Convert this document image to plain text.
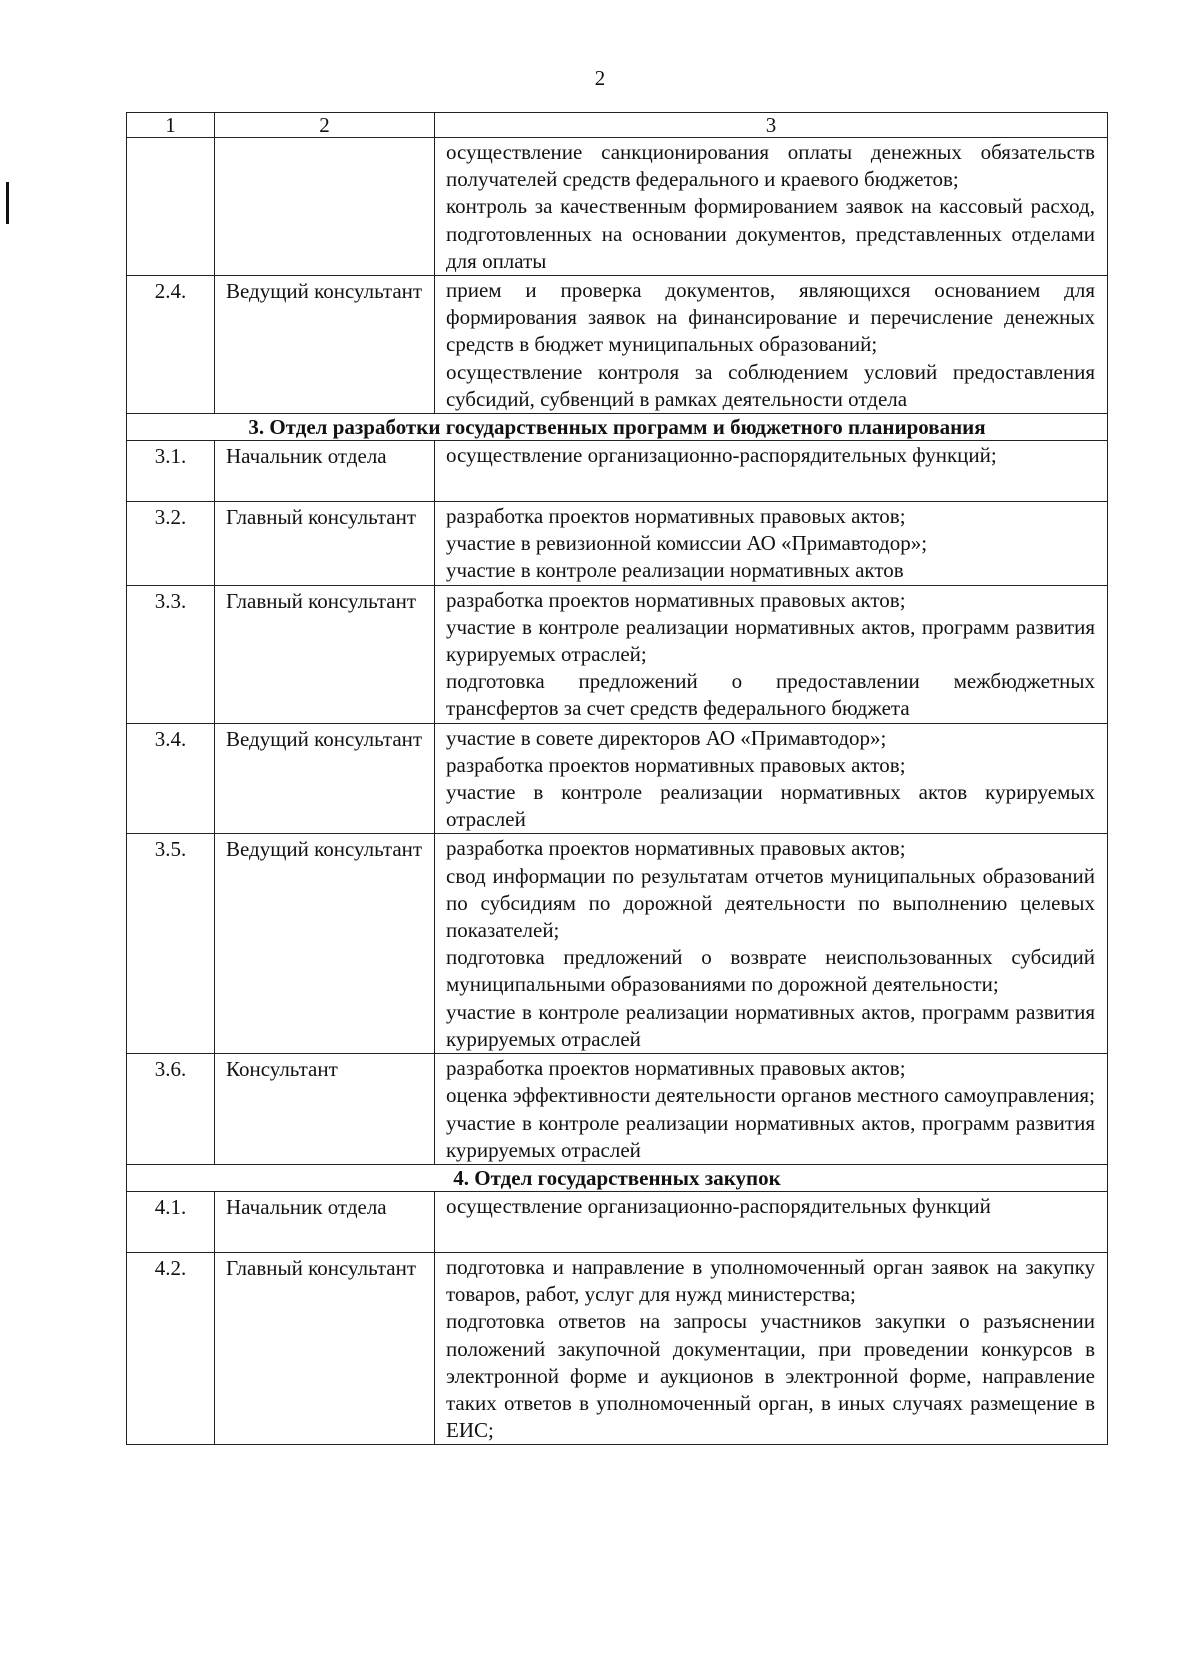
2
1	2	3

		осуществление санкционирования оплаты денежных обязательств получателей средств федерального и краевого бюджетов;
контроль за качественным формированием заявок на кассовый расход, подготовленных на основании документов, представленных отделами для оплаты

2.4.	Ведущий консультант	прием и проверка документов, являющихся основанием для формирования заявок на финансирование и перечисление денежных средств в бюджет муниципальных образований;
осуществление контроля за соблюдением условий предоставления субсидий, субвенций в рамках деятельности отдела

3. Отдел разработки государственных программ и бюджетного планирования		
3.1.	Начальник отдела	осуществление организационно-распорядительных функций;

3.2.	Главный консультант	разработка проектов нормативных правовых актов;
участие в ревизионной комиссии АО «Примавтодор»;
участие в контроле реализации нормативных актов

3.3.	Главный консультант	разработка проектов нормативных правовых актов;
участие в контроле реализации нормативных актов, программ развития курируемых отраслей;
подготовка предложений о предоставлении межбюджетных трансфертов за счет средств федерального бюджета

3.4.	Ведущий консультант	участие в совете директоров АО «Примавтодор»;
разработка проектов нормативных правовых актов;
участие в контроле реализации нормативных актов курируемых отраслей

3.5.	Ведущий консультант	разработка проектов нормативных правовых актов;
свод информации по результатам отчетов муниципальных образований по субсидиям по дорожной деятельности по выполнению целевых показателей;
подготовка предложений о возврате неиспользованных субсидий муниципальными образованиями по дорожной деятельности;
участие в контроле реализации нормативных актов, программ развития курируемых отраслей

3.6.	Консультант	разработка проектов нормативных правовых актов;
оценка эффективности деятельности органов местного самоуправления;
участие в контроле реализации нормативных актов, программ развития курируемых отраслей

4. Отдел государственных закупок		
4.1.	Начальник отдела	осуществление организационно-распорядительных функций

4.2.	Главный консультант	подготовка и направление в уполномоченный орган заявок на закупку товаров, работ, услуг для нужд министерства;
подготовка ответов на запросы участников закупки о разъяснении положений закупочной документации, при проведении конкурсов в электронной форме и аукционов в электронной форме, направление таких ответов в уполномоченный орган, в иных случаях размещение в ЕИС;
